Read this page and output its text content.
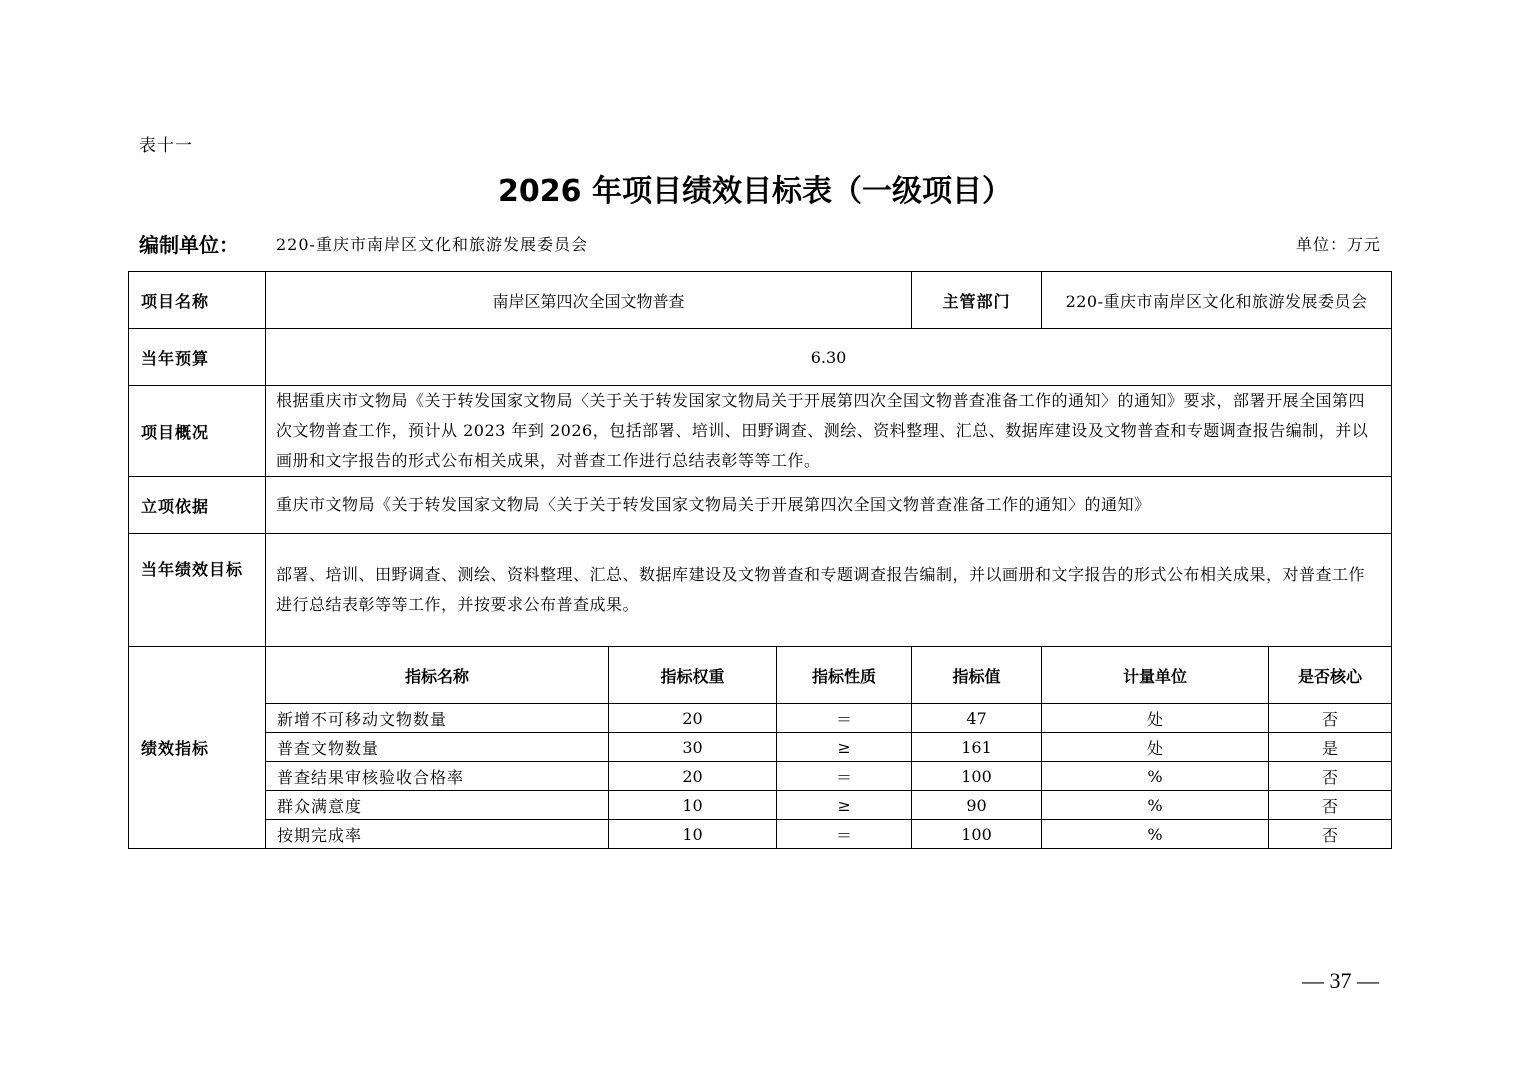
表十一
2026 年项目绩效目标表（一级项目）
编制单位： 220-重庆市南岸区文化和旅游发展委员会	单位：万元
项目名称	南岸区第四次全国文物普查			主管部门	220-重庆市南岸区文化和旅游发展委员会	
当年预算	6.30					
项目概况	根据重庆市文物局《关于转发国家文物局〈关于关于转发国家文物局关于开展第四次全国文物普查准备工作的通知〉的通知》要求，部署开展全国第四次文物普查工作，预计从 2023 年到 2026，包括部署、培训、田野调查、测绘、资料整理、汇总、数据库建设及文物普查和专题调查报告编制，并以画册和文字报告的形式公布相关成果，对普查工作进行总结表彰等等工作。					
立项依据	重庆市文物局《关于转发国家文物局〈关于关于转发国家文物局关于开展第四次全国文物普查准备工作的通知〉的通知》					
当年绩效目标	部署、培训、田野调查、测绘、资料整理、汇总、数据库建设及文物普查和专题调查报告编制，并以画册和文字报告的形式公布相关成果，对普查工作进行总结表彰等等工作，并按要求公布普查成果。					
绩效指标	指标名称	指标权重	指标性质	指标值	计量单位	是否核心
	新增不可移动文物数量	20	＝	47	处	否
	普查文物数量	30	≥	161	处	是
	普查结果审核验收合格率	20	＝	100	%	否
	群众满意度	10	≥	90	%	否
	按期完成率	10	＝	100	%	否
— 37 —
